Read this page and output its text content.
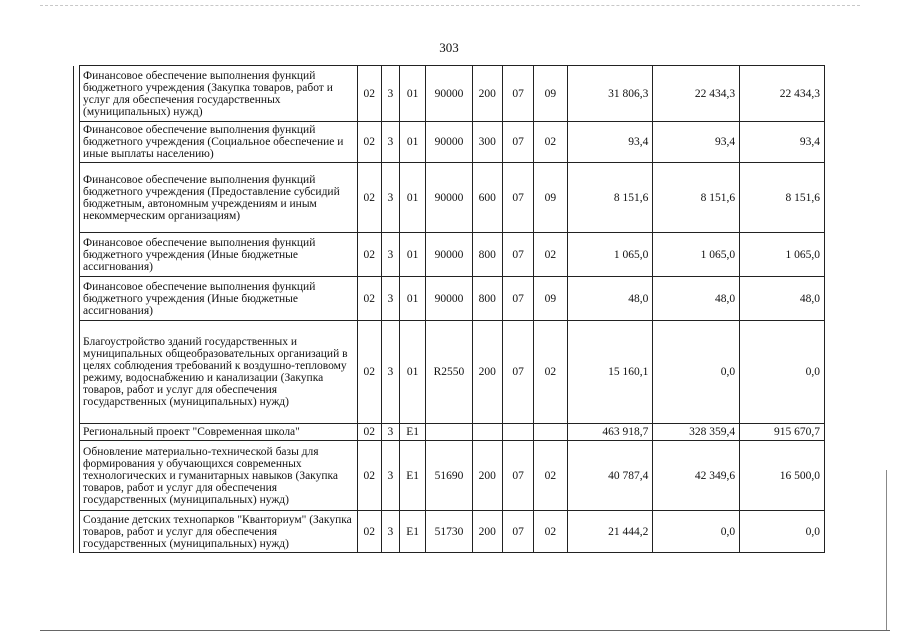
303
	Финансовое обеспечение выполнения функций бюджетного учреждения (Закупка товаров, работ и услуг для обеспечения государственных (муниципальных) нужд)	02	3	01	90000	200	07	09	31 806,3	22 434,3	22 434,3
	Финансовое обеспечение выполнения функций бюджетного учреждения (Социальное обеспечение и иные выплаты населению)	02	3	01	90000	300	07	02	93,4	93,4	93,4
	Финансовое обеспечение выполнения функций бюджетного учреждения (Предоставление субсидий бюджетным, автономным учреждениям и иным некоммерческим организациям)	02	3	01	90000	600	07	09	8 151,6	8 151,6	8 151,6
	Финансовое обеспечение выполнения функций бюджетного учреждения (Иные бюджетные ассигнования)	02	3	01	90000	800	07	02	1 065,0	1 065,0	1 065,0
	Финансовое обеспечение выполнения функций бюджетного учреждения (Иные бюджетные ассигнования)	02	3	01	90000	800	07	09	48,0	48,0	48,0
	Благоустройство зданий государственных и муниципальных общеобразовательных организаций в целях соблюдения требований к воздушно-тепловому режиму, водоснабжению и канализации (Закупка товаров, работ и услуг для обеспечения государственных (муниципальных) нужд)	02	3	01	R2550	200	07	02	15 160,1	0,0	0,0
	Региональный проект "Современная школа"	02	3	E1					463 918,7	328 359,4	915 670,7
	Обновление материально-технической базы для формирования у обучающихся современных технологических и гуманитарных навыков (Закупка товаров, работ и услуг для обеспечения государственных (муниципальных) нужд)	02	3	E1	51690	200	07	02	40 787,4	42 349,6	16 500,0
	Создание детских технопарков "Кванториум" (Закупка товаров, работ и услуг для обеспечения государственных (муниципальных) нужд)	02	3	E1	51730	200	07	02	21 444,2	0,0	0,0
